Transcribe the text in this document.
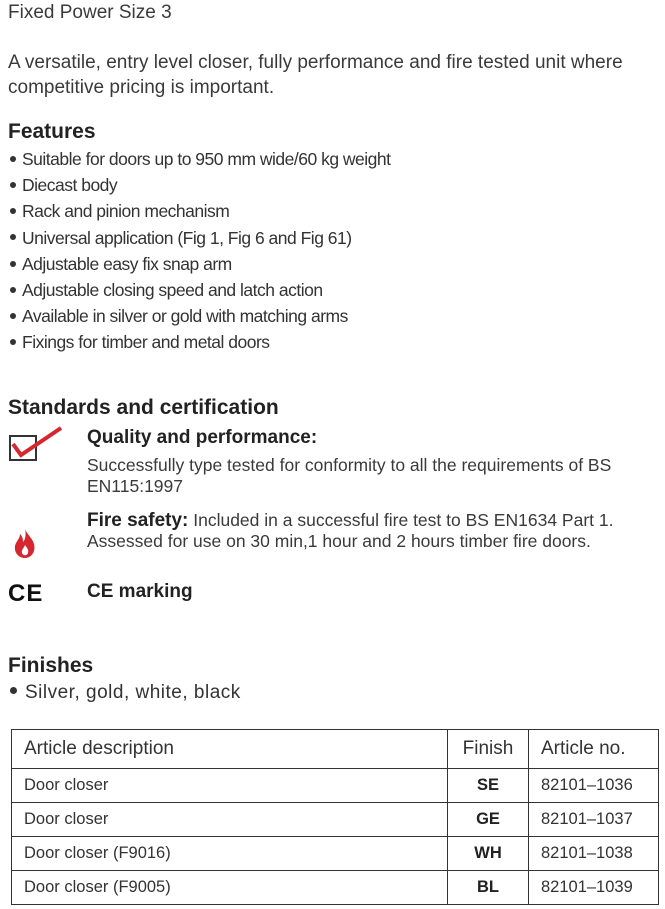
Fixed Power Size 3
A versatile, entry level closer, fully performance and fire tested unit where competitive pricing is important.
Features
Suitable for doors up to 950 mm wide/60 kg weight
Diecast body
Rack and pinion mechanism
Universal application (Fig 1, Fig 6 and Fig 61)
Adjustable easy fix snap arm
Adjustable closing speed and latch action
Available in silver or gold with matching arms
Fixings for timber and metal doors
Standards and certification
Quality and performance:
Successfully type tested for conformity to all the requirements of BS EN115:1997
Fire safety: Included in a successful fire test to BS EN1634 Part 1. Assessed for use on 30 min,1 hour and 2 hours timber fire doors.
CE CE marking
Finishes
Silver, gold, white, black
Article description	Finish	Article no.
Door closer	SE	82101–1036
Door closer	GE	82101–1037
Door closer (F9016)	WH	82101–1038
Door closer (F9005)	BL	82101–1039
